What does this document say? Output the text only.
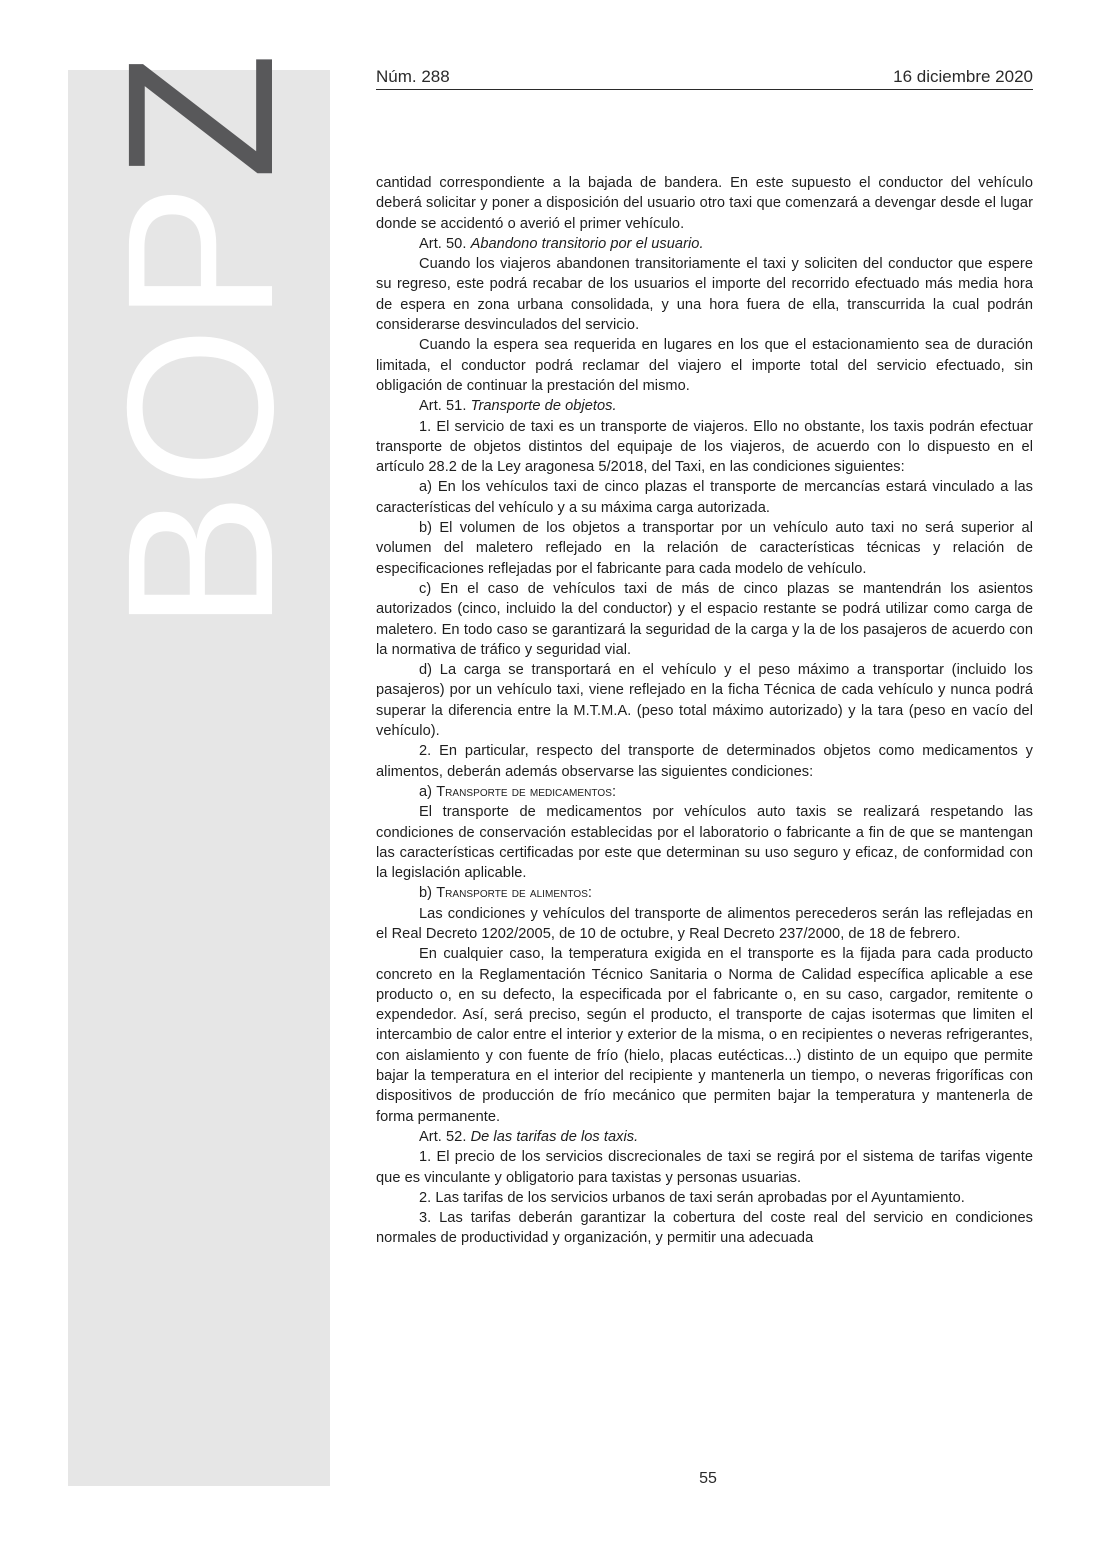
BOPZ	Núm. 288	16 diciembre 2020

cantidad correspondiente a la bajada de bandera. En este supuesto el conductor del vehículo deberá solicitar y poner a disposición del usuario otro taxi que comenzará a devengar desde el lugar donde se accidentó o averió el primer vehículo.

Art. 50. Abandono transitorio por el usuario.

Cuando los viajeros abandonen transitoriamente el taxi y soliciten del conductor que espere su regreso, este podrá recabar de los usuarios el importe del recorrido efectuado más media hora de espera en zona urbana consolidada, y una hora fuera de ella, transcurrida la cual podrán considerarse desvinculados del servicio.

Cuando la espera sea requerida en lugares en los que el estacionamiento sea de duración limitada, el conductor podrá reclamar del viajero el importe total del servicio efectuado, sin obligación de continuar la prestación del mismo.

Art. 51. Transporte de objetos.

1. El servicio de taxi es un transporte de viajeros. Ello no obstante, los taxis podrán efectuar transporte de objetos distintos del equipaje de los viajeros, de acuerdo con lo dispuesto en el artículo 28.2 de la Ley aragonesa 5/2018, del Taxi, en las condiciones siguientes:

a) En los vehículos taxi de cinco plazas el transporte de mercancías estará vinculado a las características del vehículo y a su máxima carga autorizada.

b) El volumen de los objetos a transportar por un vehículo auto taxi no será superior al volumen del maletero reflejado en la relación de características técnicas y relación de especificaciones reflejadas por el fabricante para cada modelo de vehículo.

c) En el caso de vehículos taxi de más de cinco plazas se mantendrán los asientos autorizados (cinco, incluido la del conductor) y el espacio restante se podrá utilizar como carga de maletero. En todo caso se garantizará la seguridad de la carga y la de los pasajeros de acuerdo con la normativa de tráfico y seguridad vial.

d) La carga se transportará en el vehículo y el peso máximo a transportar (incluido los pasajeros) por un vehículo taxi, viene reflejado en la ficha Técnica de cada vehículo y nunca podrá superar la diferencia entre la M.T.M.A. (peso total máximo autorizado) y la tara (peso en vacío del vehículo).

2. En particular, respecto del transporte de determinados objetos como medicamentos y alimentos, deberán además observarse las siguientes condiciones:

a) Transporte de medicamentos:

El transporte de medicamentos por vehículos auto taxis se realizará respetando las condiciones de conservación establecidas por el laboratorio o fabricante a fin de que se mantengan las características certificadas por este que determinan su uso seguro y eficaz, de conformidad con la legislación aplicable.

b) Transporte de alimentos:

Las condiciones y vehículos del transporte de alimentos perecederos serán las reflejadas en el Real Decreto 1202/2005, de 10 de octubre, y Real Decreto 237/2000, de 18 de febrero.

En cualquier caso, la temperatura exigida en el transporte es la fijada para cada producto concreto en la Reglamentación Técnico Sanitaria o Norma de Calidad específica aplicable a ese producto o, en su defecto, la especificada por el fabricante o, en su caso, cargador, remitente o expendedor. Así, será preciso, según el producto, el transporte de cajas isotermas que limiten el intercambio de calor entre el interior y exterior de la misma, o en recipientes o neveras refrigerantes, con aislamiento y con fuente de frío (hielo, placas eutécticas...) distinto de un equipo que permite bajar la temperatura en el interior del recipiente y mantenerla un tiempo, o neveras frigoríficas con dispositivos de producción de frío mecánico que permiten bajar la temperatura y mantenerla de forma permanente.

Art. 52. De las tarifas de los taxis.

1. El precio de los servicios discrecionales de taxi se regirá por el sistema de tarifas vigente que es vinculante y obligatorio para taxistas y personas usuarias.

2. Las tarifas de los servicios urbanos de taxi serán aprobadas por el Ayuntamiento.

3. Las tarifas deberán garantizar la cobertura del coste real del servicio en condiciones normales de productividad y organización, y permitir una adecuada

55
